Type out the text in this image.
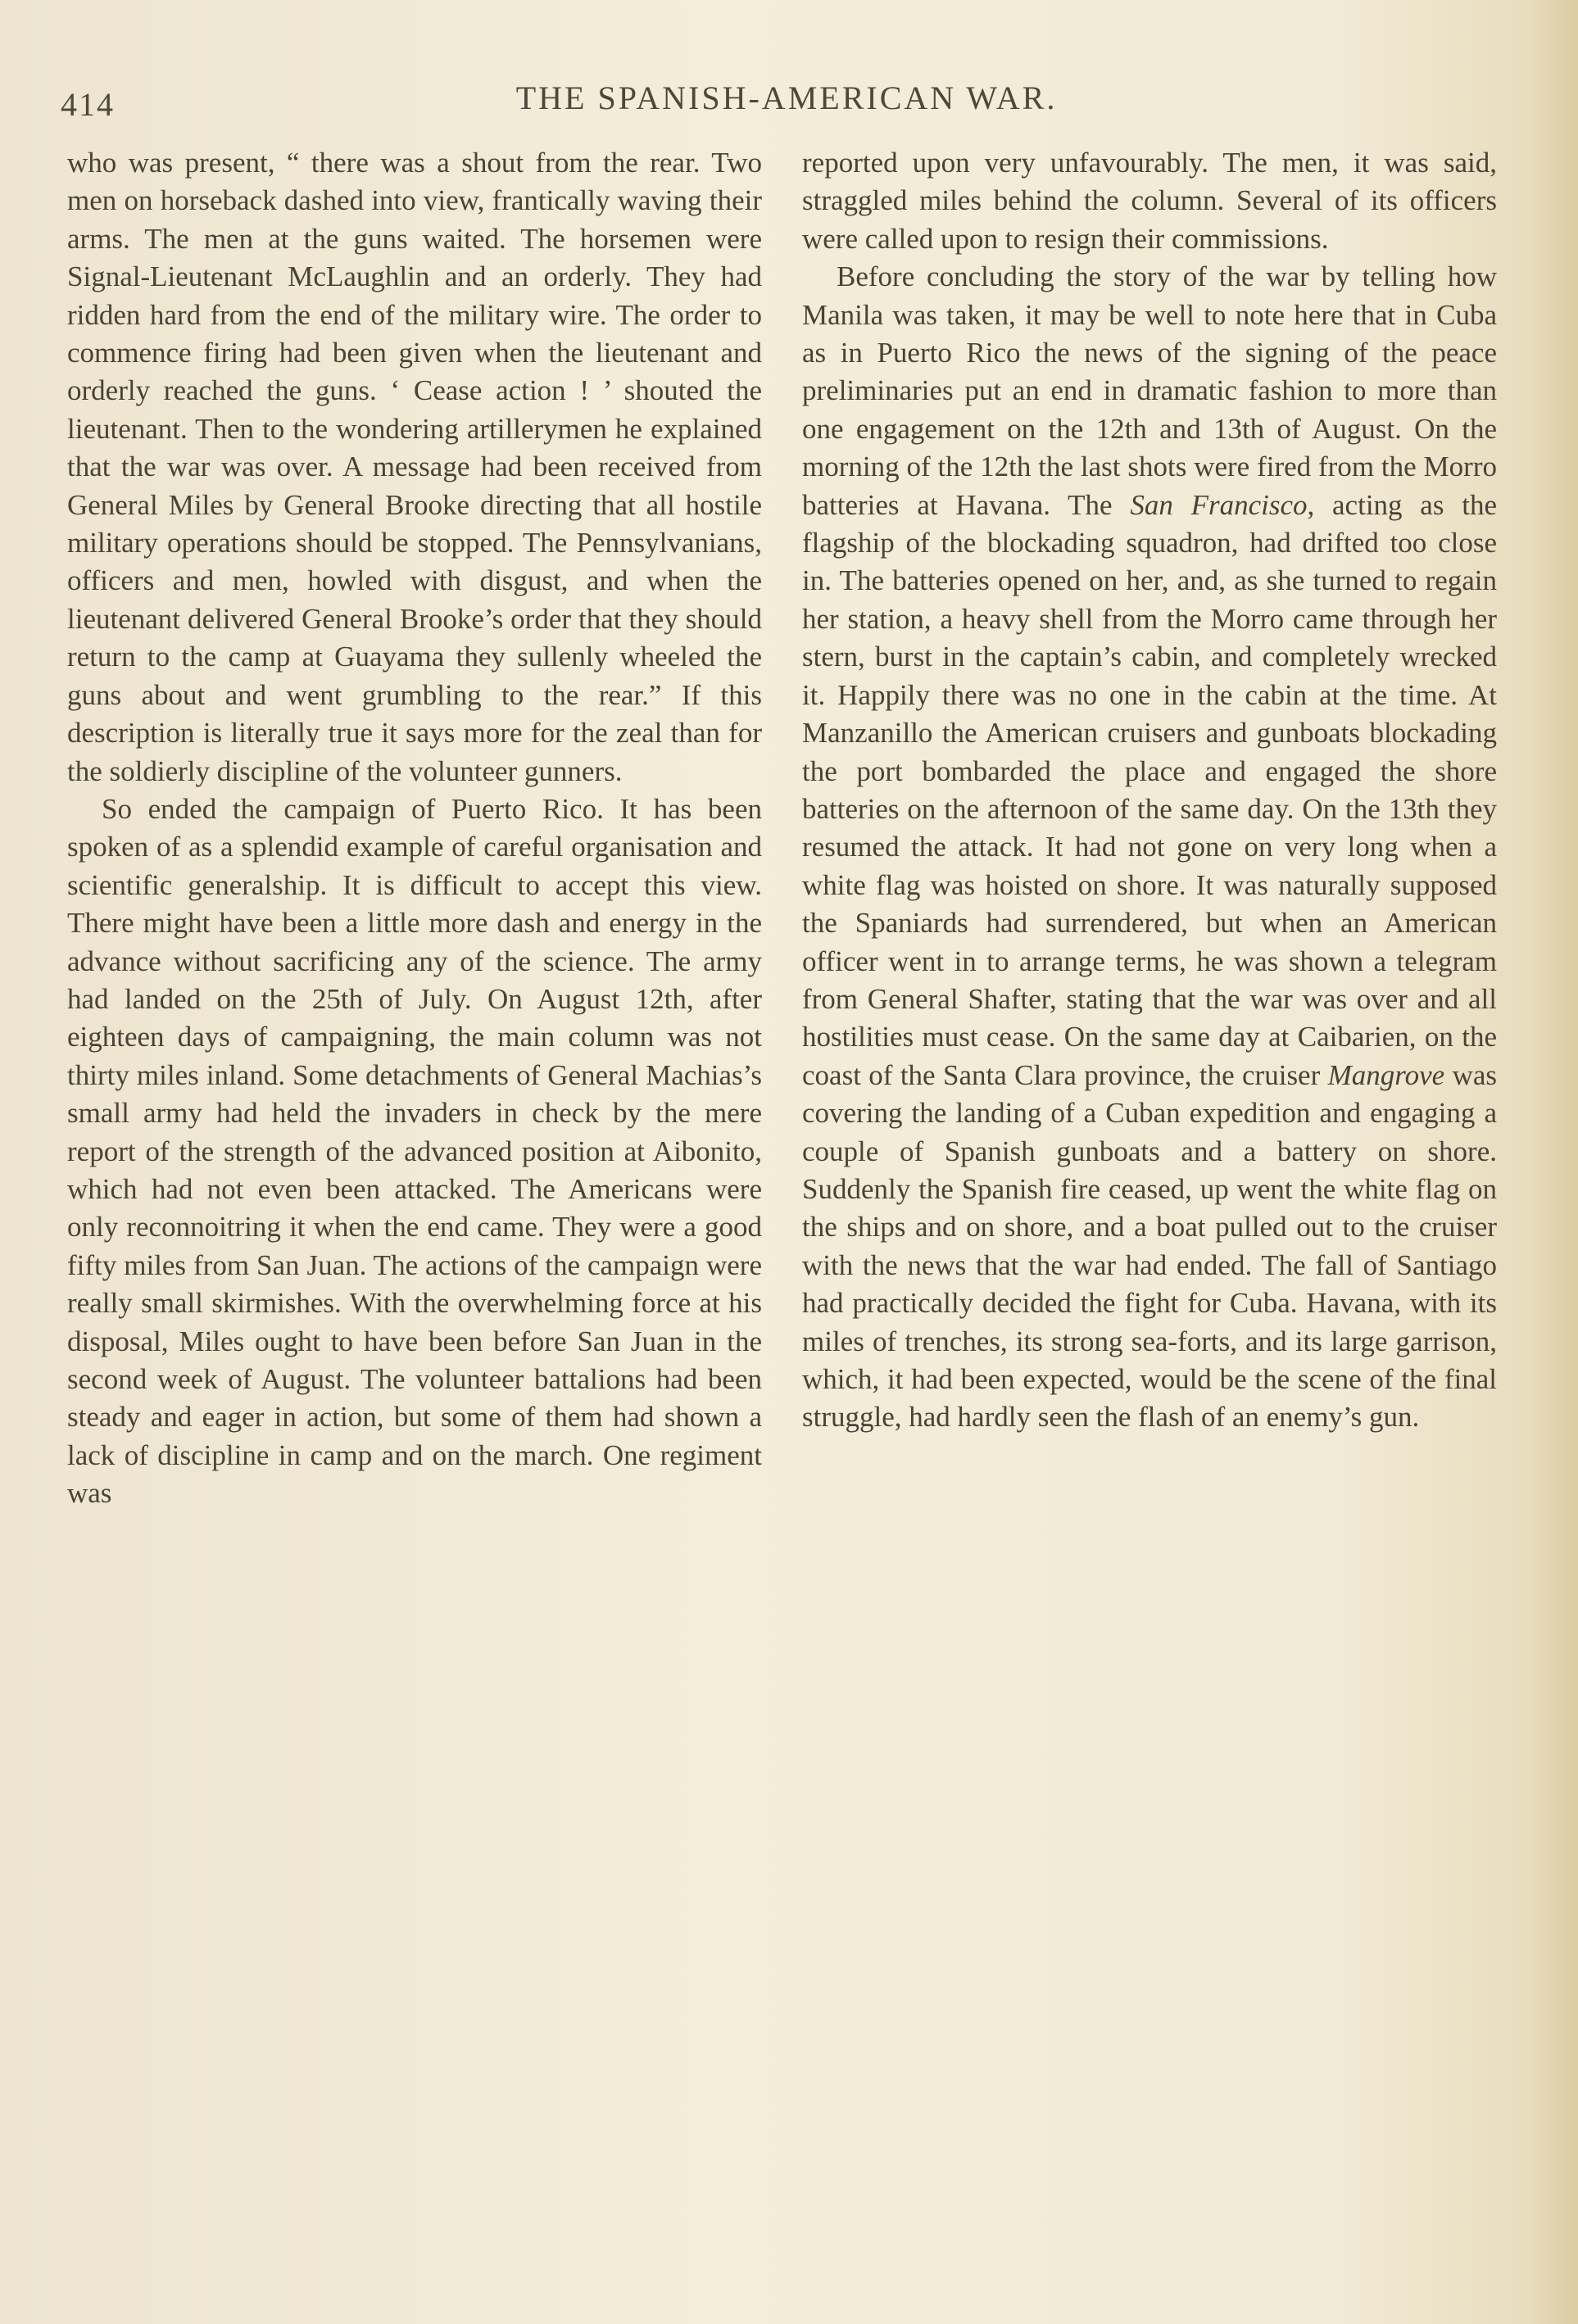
414	THE SPANISH-AMERICAN WAR.

who was present, “ there was a shout from the rear. Two men on horseback dashed into view, frantically waving their arms. The men at the guns waited. The horsemen were Signal-Lieutenant McLaughlin and an orderly. They had ridden hard from the end of the military wire. The order to commence firing had been given when the lieutenant and orderly reached the guns. ‘ Cease action ! ’ shouted the lieutenant. Then to the wondering artillerymen he explained that the war was over. A message had been received from General Miles by General Brooke directing that all hostile military operations should be stopped. The Pennsylvanians, officers and men, howled with disgust, and when the lieutenant delivered General Brooke’s order that they should return to the camp at Guayama they sullenly wheeled the guns about and went grumbling to the rear.” If this description is literally true it says more for the zeal than for the soldierly discipline of the volunteer gunners.

So ended the campaign of Puerto Rico. It has been spoken of as a splendid example of careful organisation and scientific generalship. It is difficult to accept this view. There might have been a little more dash and energy in the advance without sacrificing any of the science. The army had landed on the 25th of July. On August 12th, after eighteen days of campaigning, the main column was not thirty miles inland. Some detachments of General Machias’s small army had held the invaders in check by the mere report of the strength of the advanced position at Aibonito, which had not even been attacked. The Americans were only reconnoitring it when the end came. They were a good fifty miles from San Juan. The actions of the campaign were really small skirmishes. With the overwhelming force at his disposal, Miles ought to have been before San Juan in the second week of August. The volunteer battalions had been steady and eager in action, but some of them had shown a lack of discipline in camp and on the march. One regiment was

reported upon very unfavourably. The men, it was said, straggled miles behind the column. Several of its officers were called upon to resign their commissions.

Before concluding the story of the war by telling how Manila was taken, it may be well to note here that in Cuba as in Puerto Rico the news of the signing of the peace preliminaries put an end in dramatic fashion to more than one engagement on the 12th and 13th of August. On the morning of the 12th the last shots were fired from the Morro batteries at Havana. The San Francisco, acting as the flagship of the blockading squadron, had drifted too close in. The batteries opened on her, and, as she turned to regain her station, a heavy shell from the Morro came through her stern, burst in the captain’s cabin, and completely wrecked it. Happily there was no one in the cabin at the time. At Manzanillo the American cruisers and gunboats blockading the port bombarded the place and engaged the shore batteries on the afternoon of the same day. On the 13th they resumed the attack. It had not gone on very long when a white flag was hoisted on shore. It was naturally supposed the Spaniards had surrendered, but when an American officer went in to arrange terms, he was shown a telegram from General Shafter, stating that the war was over and all hostilities must cease. On the same day at Caibarien, on the coast of the Santa Clara province, the cruiser Mangrove was covering the landing of a Cuban expedition and engaging a couple of Spanish gunboats and a battery on shore. Suddenly the Spanish fire ceased, up went the white flag on the ships and on shore, and a boat pulled out to the cruiser with the news that the war had ended. The fall of Santiago had practically decided the fight for Cuba. Havana, with its miles of trenches, its strong sea-forts, and its large garrison, which, it had been expected, would be the scene of the final struggle, had hardly seen the flash of an enemy’s gun.
